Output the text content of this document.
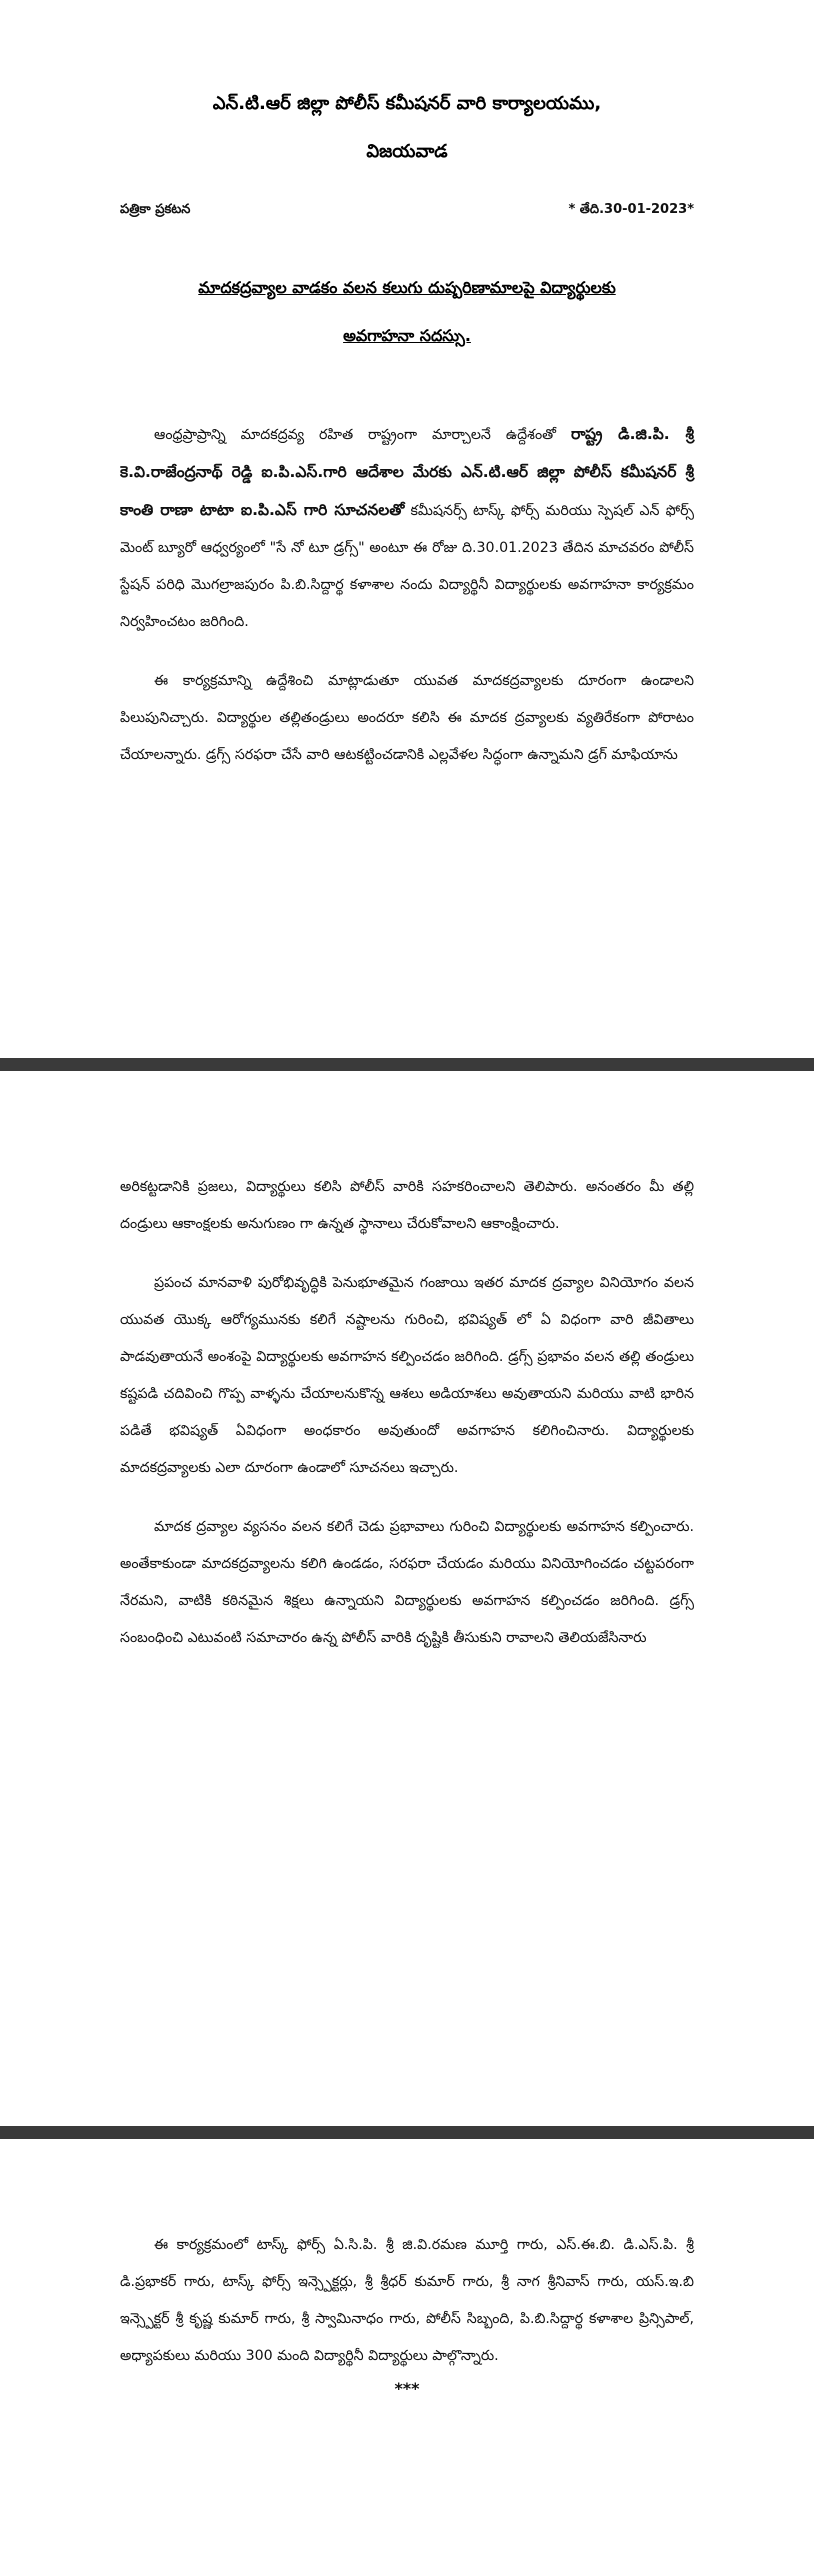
ఎన్.టి.ఆర్ జిల్లా పోలీస్ కమీషనర్ వారి కార్యాలయము,
విజయవాడ
పత్రికా ప్రకటన	* తేది.30-01-2023*
మాదకద్రవ్యాల వాడకం వలన కలుగు దుష్పరిణామాలపై విద్యార్థులకు
అవగాహనా సదస్సు.

ఆంధ్రప్రాప్రాన్ని మాదకద్రవ్య రహిత రాష్ట్రంగా మార్చాలనే ఉద్దేశంతో రాష్ట్ర డి.జి.పి. శ్రీ కె.వి.రాజేంద్రనాథ్ రెడ్డి ఐ.పి.ఎస్.గారి ఆదేశాల మేరకు ఎన్.టి.ఆర్ జిల్లా పోలీస్ కమీషనర్ శ్రీ కాంతి రాణా టాటా ఐ.పి.ఎస్ గారి సూచనలతో కమీషనర్స్ టాస్క్ ఫోర్స్ మరియు స్పెషల్ ఎన్ ఫోర్స్ మెంట్ బ్యూరో ఆధ్వర్యంలో "సే నో టూ డ్రగ్స్" అంటూ ఈ రోజు ది.30.01.2023 తేదిన మాచవరం పోలీస్ స్టేషన్ పరిధి మొగల్రాజపురం పి.బి.సిద్దార్థ కళాశాల నందు విద్యార్థినీ విద్యార్థులకు అవగాహనా కార్యక్రమం నిర్వహించటం జరిగింది.

ఈ కార్యక్రమాన్ని ఉద్దేశించి మాట్లాడుతూ యువత మాదకద్రవ్యాలకు దూరంగా ఉండాలని పిలుపునిచ్చారు. విద్యార్థుల తల్లితండ్రులు అందరూ కలిసి ఈ మాదక ద్రవ్యాలకు వ్యతిరేకంగా పోరాటం చేయాలన్నారు. డ్రగ్స్ సరఫరా చేసే వారి ఆటకట్టించడానికి ఎల్లవేళల సిద్ధంగా ఉన్నామని డ్రగ్ మాఫియాను

అరికట్టడానికి ప్రజలు, విద్యార్థులు కలిసి పోలీస్ వారికి సహకరించాలని తెలిపారు. అనంతరం మీ తల్లి దండ్రులు ఆకాంక్షలకు అనుగుణం గా ఉన్నత స్థానాలు చేరుకోవాలని ఆకాంక్షించారు.

ప్రపంచ మానవాళి పురోభివృద్ధికి పెనుభూతమైన గంజాయి ఇతర మాదక ద్రవ్యాల వినియోగం వలన యువత యొక్క ఆరోగ్యమునకు కలిగే నష్టాలను గురించి, భవిష్యత్ లో ఏ విధంగా వారి జీవితాలు పాడవుతాయనే అంశంపై విద్యార్థులకు అవగాహన కల్పించడం జరిగింది. డ్రగ్స్ ప్రభావం వలన తల్లి తండ్రులు కష్టపడి చదివించి గొప్ప వాళ్ళను చేయాలనుకొన్న ఆశలు అడియాశలు అవుతాయని మరియు వాటి భారిన పడితే భవిష్యత్ ఏవిధంగా అంధకారం అవుతుందో అవగాహన కలిగించినారు. విద్యార్థులకు మాదకద్రవ్యాలకు ఎలా దూరంగా ఉండాలో సూచనలు ఇచ్చారు.

మాదక ద్రవ్యాల వ్యసనం వలన కలిగే చెడు ప్రభావాలు గురించి విద్యార్థులకు అవగాహన కల్పించారు. అంతేకాకుండా మాదకద్రవ్యాలను కలిగి ఉండడం, సరఫరా చేయడం మరియు వినియోగించడం చట్టపరంగా నేరమని, వాటికి కఠినమైన శిక్షలు ఉన్నాయని విద్యార్థులకు అవగాహన కల్పించడం జరిగింది. డ్రగ్స్ సంబంధించి ఎటువంటి సమాచారం ఉన్న పోలీస్ వారికి దృష్టికి తీసుకుని రావాలని తెలియజేసినారు

ఈ కార్యక్రమంలో టాస్క్ ఫోర్స్ ఏ.సి.పి. శ్రీ జి.వి.రమణ మూర్తి గారు, ఎస్.ఈ.బి. డి.ఎస్.పి. శ్రీ డి.ప్రభాకర్ గారు, టాస్క్ ఫోర్స్ ఇన్స్పెక్టర్లు, శ్రీ శ్రీధర్ కుమార్ గారు, శ్రీ నాగ శ్రీనివాస్ గారు, యస్.ఇ.బి ఇన్స్పెక్టర్ శ్రీ కృష్ణ కుమార్ గారు, శ్రీ స్వామినాధం గారు, పోలీస్ సిబ్బంది, పి.బి.సిద్దార్థ కళాశాల ప్రిన్సిపాల్, అధ్యాపకులు మరియు 300 మంది విద్యార్థినీ విద్యార్థులు పాల్గొన్నారు.

***
